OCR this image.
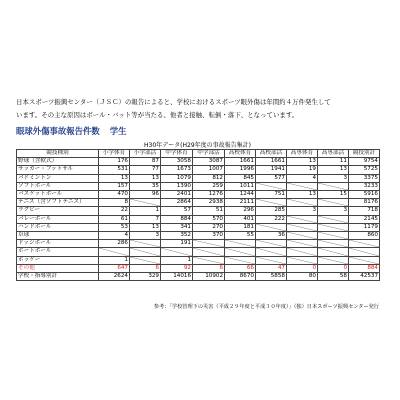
日本スポーツ振興センター（ＪＳＣ）の報告によると、学校におけるスポーツ眼外傷は年間約４万件発生して
います。その主な原因はボール・バット等が当たる、他者と接触、転倒・落下、となっています。
眼球外傷事故報告件数 学生
H30年データ(H29年度の事故報告集計)
競技種別	小学体育	小学部活	中学体育	中学部活	高校体育	高校部活	高専体育	高専部活	競技別計
野球（含軟式）	176	87	3058	3087	1661	1661	13	11	9754
サッカー・フットサル	531	77	1673	1007	1996	1941	19	13	5725
バドミントン	13	13	1079	812	845	577	4	3	3375
ソフトボール	157	35	1390	259	1011				3233
バスケットボール	470	96	2401	1276	1244	751	13	15	5916
テニス（含ソフトテニス）	8		2864	2938	2111				8176
ラグビー	22	1	57	51	296	285	3	3	718
バレーボール	61	7	884	570	401	222			2145
ハンドボール	53	13	341	270	181				1179
卓球	4	3	352	370	55	36			860
ドッジボール	286		191						
ボートボール									
ホッケー	1		1						
その他	647	6	92	6	66	47	0	0	884
学校・指導別計	2624	329	14016	10902	8670	5858	80	58	42537
参考：「学校管理下の災害（平成２９年度と平成３０年度）」（独）日本スポーツ振興センター発行
